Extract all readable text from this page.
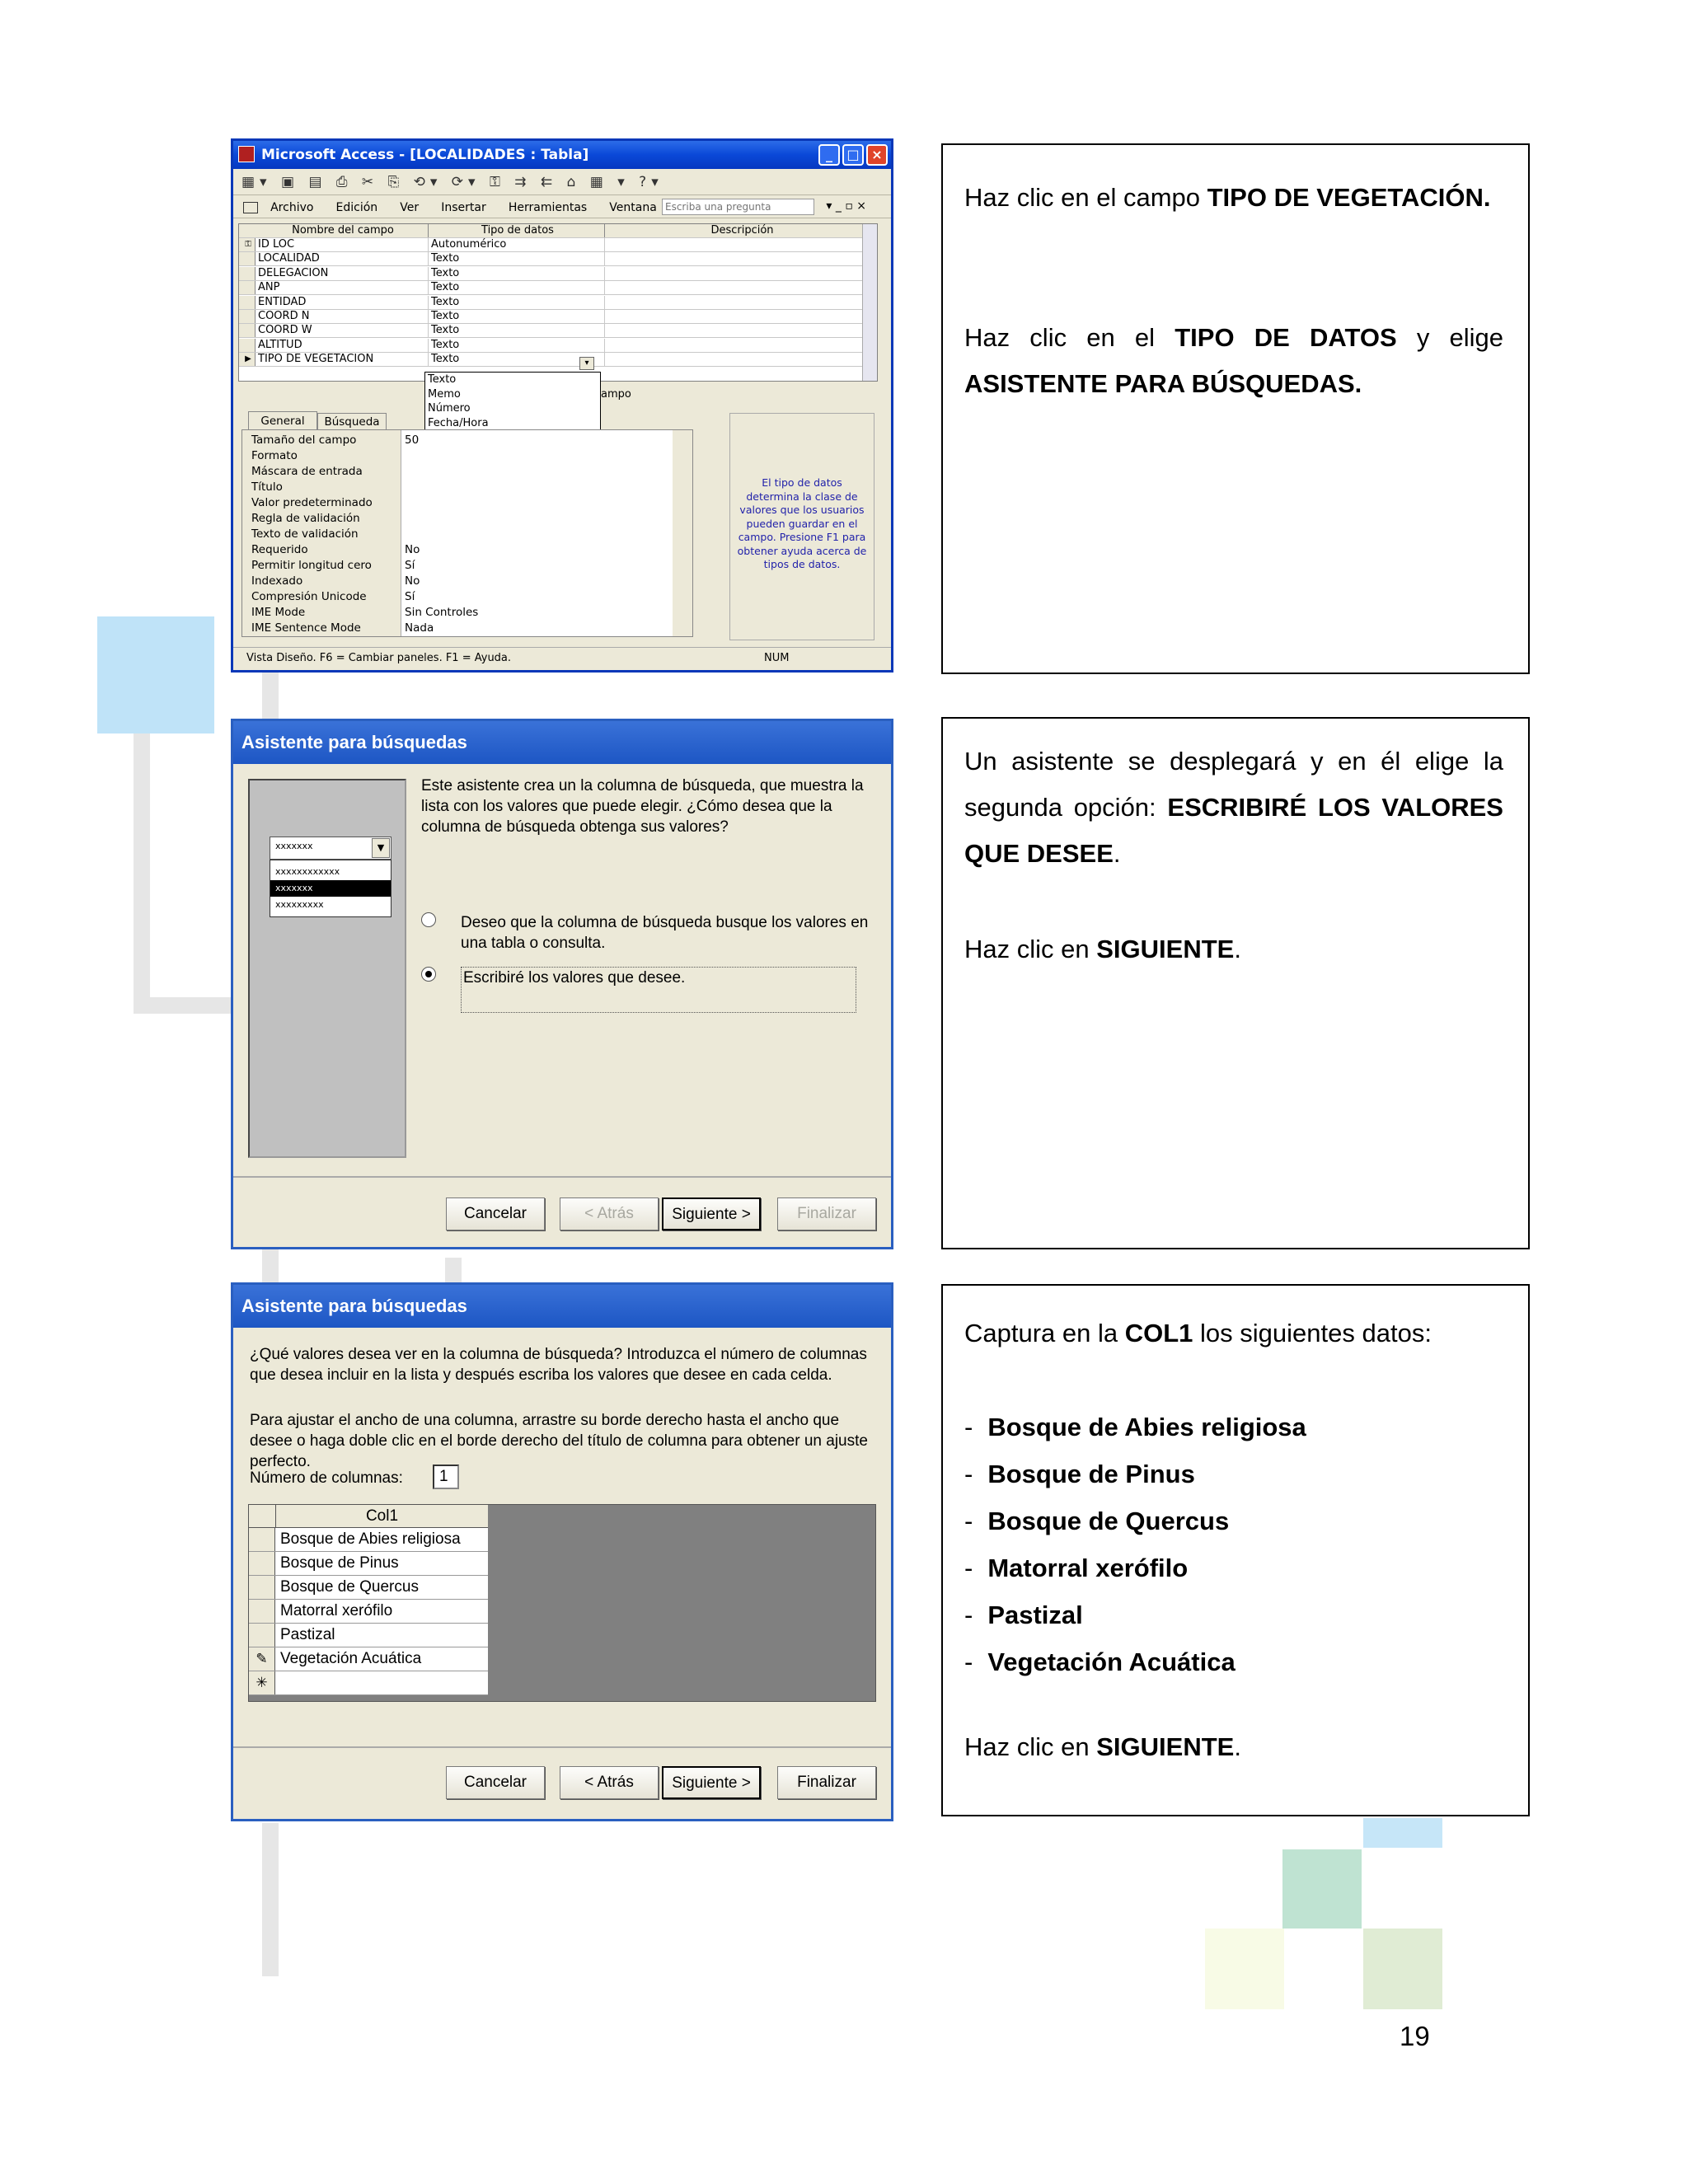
19
Microsoft Access - [LOCALIDADES : Tabla]	_	□ ×
▦▾ ▣ ▤ ⎙ ✂ ⎘ ⟲▾ ⟳▾ ⚿ ⇉ ⇇ ⌂ ▦ ▾ ?▾
Archivo Edición Ver Insertar Herramientas Ventana
Escriba una pregunta	▾ _ ▫ ×
Nombre del campo	Tipo de datos	Descripción
⚿ ID LOC	Autonumérico
LOCALIDAD	Texto
DELEGACIÓN	Texto
ANP	Texto
ENTIDAD	Texto
COORD N	Texto
COORD W	Texto
ALTITUD	Texto
▶ TIPO DE VEGETACIÓN	Texto
Texto
Memo
Número
Fecha/Hora
▾
ampo
General	Búsqueda
Tamaño del campo	50
Formato
Máscara de entrada
Título
Valor predeterminado
Regla de validación
Texto de validación
Requerido	No
Permitir longitud cero	Sí
Indexado	No
Compresión Unicode	Sí
IME Mode	Sin Controles
IME Sentence Mode	Nada
El tipo de datos determina la clase de valores que los usuarios pueden guardar en el campo. Presione F1 para obtener ayuda acerca de tipos de datos.
Vista Diseño. F6 = Cambiar paneles. F1 = Ayuda.	NUM
Asistente para búsquedas
xxxxxxx	▼
xxxxxxxxxxxx
xxxxxxx
xxxxxxxxx
Este asistente crea un la columna de búsqueda, que muestra la lista con los valores que puede elegir. ¿Cómo desea que la columna de búsqueda obtenga sus valores?
Deseo que la columna de búsqueda busque los valores en una tabla o consulta.
Escribiré los valores que desee.
Cancelar	< Atrás	Siguiente >	Finalizar
Asistente para búsquedas
¿Qué valores desea ver en la columna de búsqueda? Introduzca el número de columnas que desea incluir en la lista y después escriba los valores que desee en cada celda.
Para ajustar el ancho de una columna, arrastre su borde derecho hasta el ancho que desee o haga doble clic en el borde derecho del título de columna para obtener un ajuste perfecto.
Número de columnas:	1
Col1
Bosque de Abies religiosa
Bosque de Pinus
Bosque de Quercus
Matorral xerófilo
Pastizal
✎ Vegetación Acuática
✳
Cancelar	< Atrás	Siguiente >	Finalizar

Haz clic en el campo TIPO DE VEGETACIÓN.

Haz clic en el TIPO DE DATOS y elige ASISTENTE PARA BÚSQUEDAS.

Un asistente se desplegará y en él elige la segunda opción: ESCRIBIRÉ LOS VALORES QUE DESEE.

Haz clic en SIGUIENTE.

Captura en la COL1 los siguientes datos:

- Bosque de Abies religiosa
- Bosque de Pinus
- Bosque de Quercus
- Matorral xerófilo
- Pastizal
- Vegetación Acuática

Haz clic en SIGUIENTE.
